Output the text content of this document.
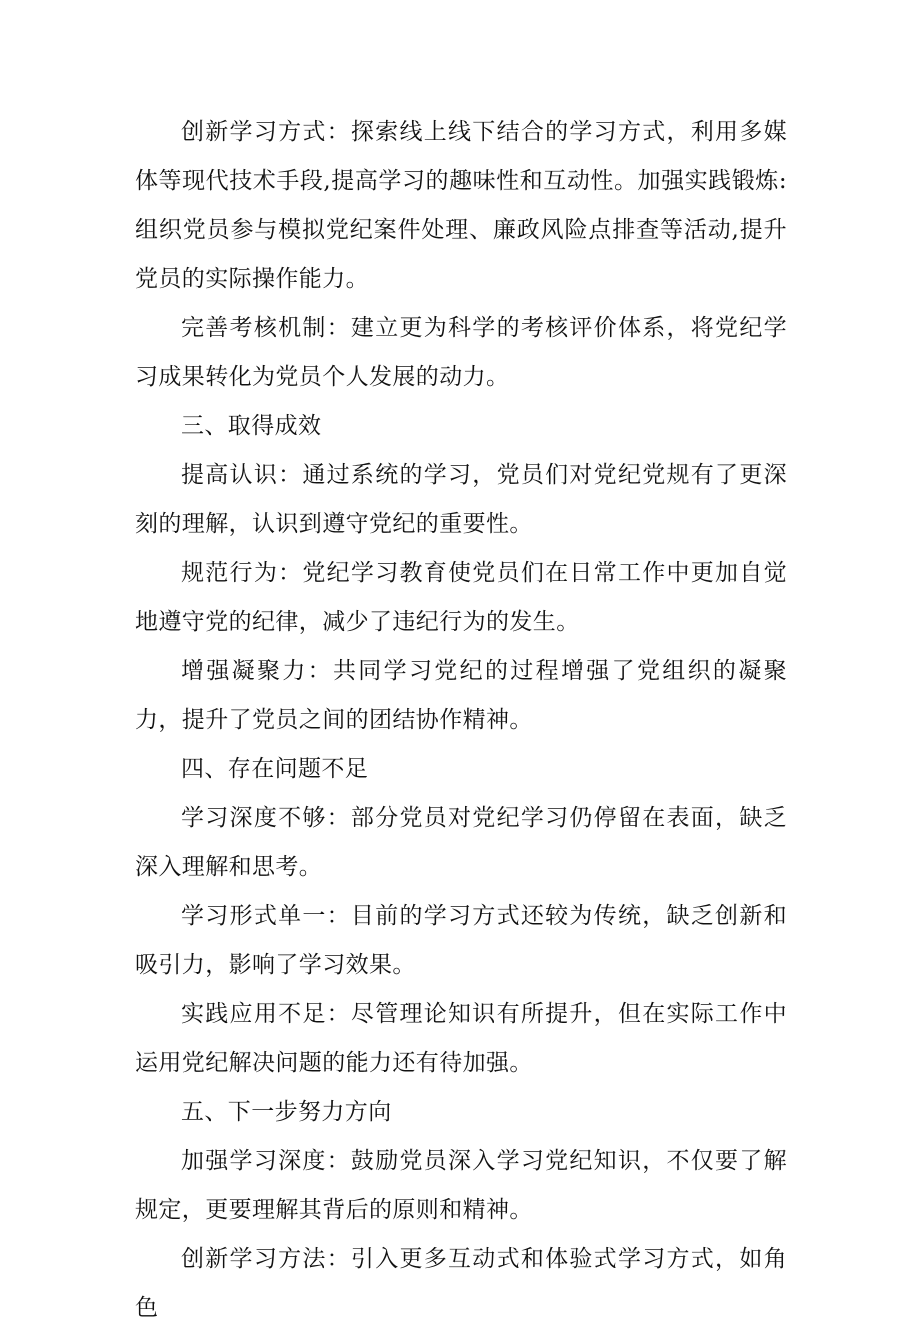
创新学习方式：探索线上线下结合的学习方式，利用多媒体等现代技术手段,提高学习的趣味性和互动性。加强实践锻炼:组织党员参与模拟党纪案件处理、廉政风险点排查等活动,提升党员的实际操作能力。

完善考核机制：建立更为科学的考核评价体系，将党纪学习成果转化为党员个人发展的动力。

三、取得成效

提高认识：通过系统的学习，党员们对党纪党规有了更深刻的理解，认识到遵守党纪的重要性。

规范行为：党纪学习教育使党员们在日常工作中更加自觉地遵守党的纪律，减少了违纪行为的发生。

增强凝聚力：共同学习党纪的过程增强了党组织的凝聚力，提升了党员之间的团结协作精神。

四、存在问题不足

学习深度不够：部分党员对党纪学习仍停留在表面，缺乏深入理解和思考。

学习形式单一：目前的学习方式还较为传统，缺乏创新和吸引力，影响了学习效果。

实践应用不足：尽管理论知识有所提升，但在实际工作中运用党纪解决问题的能力还有待加强。

五、下一步努力方向

加强学习深度：鼓励党员深入学习党纪知识，不仅要了解规定，更要理解其背后的原则和精神。

创新学习方法：引入更多互动式和体验式学习方式，如角色
